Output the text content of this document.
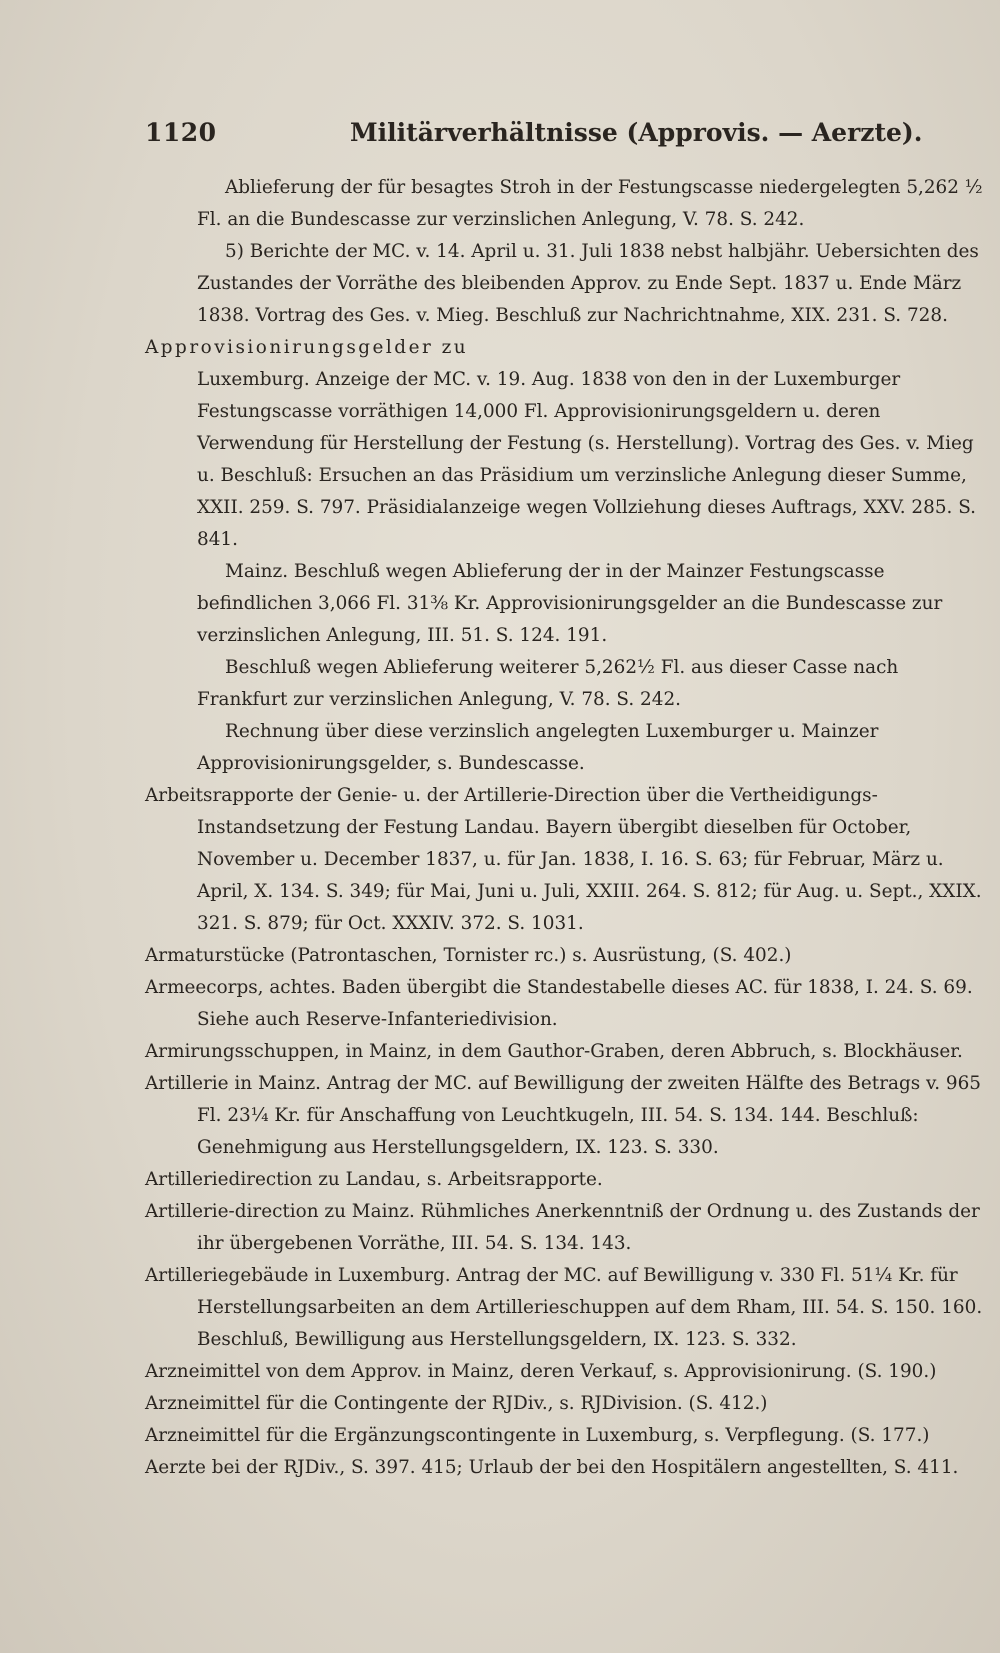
1120	Militärverhältnisse (Approvis. — Aerzte).

Ablieferung der für besagtes Stroh in der Festungscasse niedergelegten 5,262 ½ Fl. an die Bundescasse zur verzinslichen Anlegung, V. 78. S. 242.

5) Berichte der MC. v. 14. April u. 31. Juli 1838 nebst halbjähr. Uebersichten des Zustandes der Vorräthe des bleibenden Approv. zu Ende Sept. 1837 u. Ende März 1838. Vortrag des Ges. v. Mieg. Beschluß zur Nachrichtnahme, XIX. 231. S. 728.

Approvisionirungsgelder zu

Luxemburg. Anzeige der MC. v. 19. Aug. 1838 von den in der Luxemburger Festungscasse vorräthigen 14,000 Fl. Approvisionirungsgeldern u. deren Verwendung für Herstellung der Festung (s. Herstellung). Vortrag des Ges. v. Mieg u. Beschluß: Ersuchen an das Präsidium um verzinsliche Anlegung dieser Summe, XXII. 259. S. 797. Präsidialanzeige wegen Vollziehung dieses Auftrags, XXV. 285. S. 841.

Mainz. Beschluß wegen Ablieferung der in der Mainzer Festungscasse befindlichen 3,066 Fl. 31⅜ Kr. Approvisionirungsgelder an die Bundescasse zur verzinslichen Anlegung, III. 51. S. 124. 191.

Beschluß wegen Ablieferung weiterer 5,262½ Fl. aus dieser Casse nach Frankfurt zur verzinslichen Anlegung, V. 78. S. 242.

Rechnung über diese verzinslich angelegten Luxemburger u. Mainzer Approvisionirungsgelder, s. Bundescasse.

Arbeitsrapporte der Genie- u. der Artillerie-Direction über die Vertheidigungs-Instandsetzung der Festung Landau. Bayern übergibt dieselben für October, November u. December 1837, u. für Jan. 1838, I. 16. S. 63; für Februar, März u. April, X. 134. S. 349; für Mai, Juni u. Juli, XXIII. 264. S. 812; für Aug. u. Sept., XXIX. 321. S. 879; für Oct. XXXIV. 372. S. 1031.

Armaturstücke (Patrontaschen, Tornister rc.) s. Ausrüstung, (S. 402.)

Armeecorps, achtes. Baden übergibt die Standestabelle dieses AC. für 1838, I. 24. S. 69. Siehe auch Reserve-Infanteriedivision.

Armirungsschuppen, in Mainz, in dem Gauthor-Graben, deren Abbruch, s. Blockhäuser.

Artillerie in Mainz. Antrag der MC. auf Bewilligung der zweiten Hälfte des Betrags v. 965 Fl. 23¼ Kr. für Anschaffung von Leuchtkugeln, III. 54. S. 134. 144. Beschluß: Genehmigung aus Herstellungsgeldern, IX. 123. S. 330.

Artilleriedirection zu Landau, s. Arbeitsrapporte.

Artillerie-direction zu Mainz. Rühmliches Anerkenntniß der Ordnung u. des Zustands der ihr übergebenen Vorräthe, III. 54. S. 134. 143.

Artilleriegebäude in Luxemburg. Antrag der MC. auf Bewilligung v. 330 Fl. 51¼ Kr. für Herstellungsarbeiten an dem Artillerieschuppen auf dem Rham, III. 54. S. 150. 160. Beschluß, Bewilligung aus Herstellungsgeldern, IX. 123. S. 332.

Arzneimittel von dem Approv. in Mainz, deren Verkauf, s. Approvisionirung. (S. 190.)

Arzneimittel für die Contingente der RJDiv., s. RJDivision. (S. 412.)

Arzneimittel für die Ergänzungscontingente in Luxemburg, s. Verpflegung. (S. 177.)

Aerzte bei der RJDiv., S. 397. 415; Urlaub der bei den Hospitälern angestellten, S. 411.
